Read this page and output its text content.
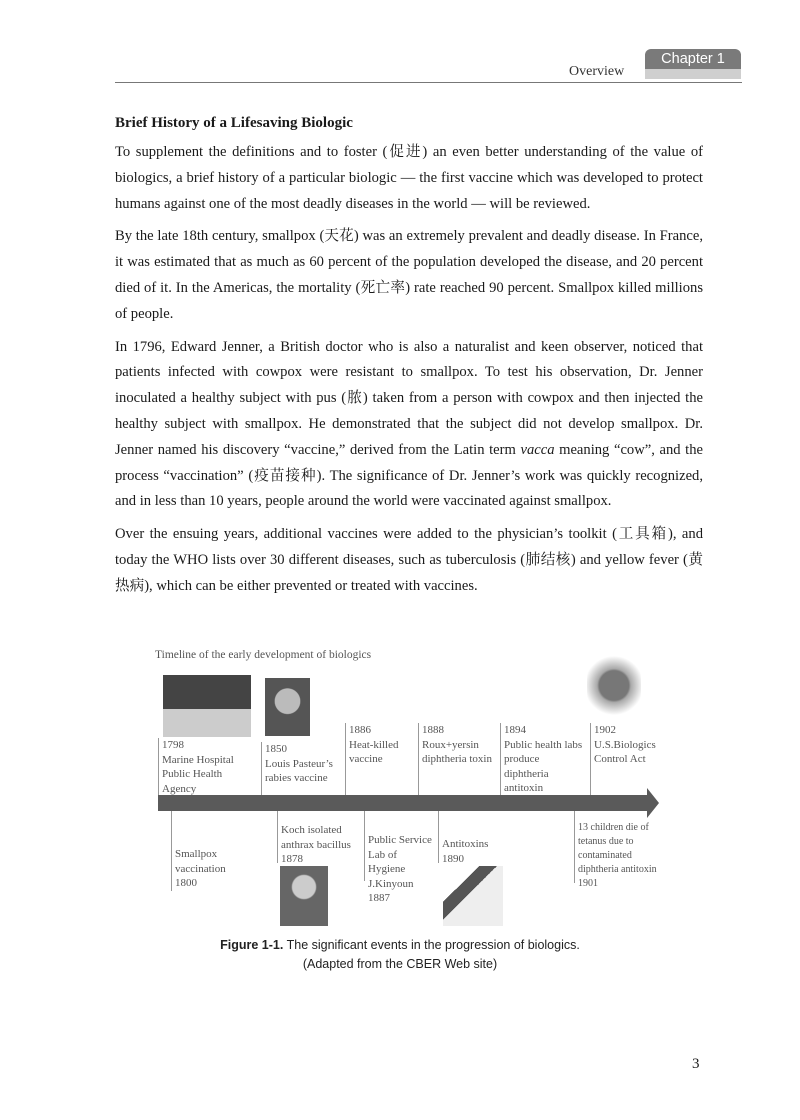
Overview
Chapter 1
Brief History of a Lifesaving Biologic

To supplement the definitions and to foster (促进) an even better understanding of the value of biologics, a brief history of a particular biologic — the first vaccine which was developed to protect humans against one of the most deadly diseases in the world — will be reviewed.

By the late 18th century, smallpox (天花) was an extremely prevalent and deadly disease. In France, it was estimated that as much as 60 percent of the population developed the disease, and 20 percent died of it. In the Americas, the mortality (死亡率) rate reached 90 percent. Smallpox killed millions of people.

In 1796, Edward Jenner, a British doctor who is also a naturalist and keen observer, noticed that patients infected with cowpox were resistant to smallpox. To test his observation, Dr. Jenner inoculated a healthy subject with pus (脓) taken from a person with cowpox and then injected the healthy subject with smallpox. He demonstrated that the subject did not develop smallpox. Dr. Jenner named his discovery “vaccine,” derived from the Latin term vacca meaning “cow”, and the process “vaccination” (疫苗接种). The significance of Dr. Jenner’s work was quickly recognized, and in less than 10 years, people around the world were vaccinated against smallpox.

Over the ensuing years, additional vaccines were added to the physician’s toolkit (工具箱), and today the WHO lists over 30 different diseases, such as tuberculosis (肺结核) and yellow fever (黄热病), which can be either prevented or treated with vaccines.

Timeline of the early development of biologics
1798
Marine Hospital Public Health Agency
1850
Louis Pasteur’s rabies vaccine
1886
Heat-killed vaccine
1888
Roux+yersin diphtheria toxin
1894
Public health labs produce diphtheria antitoxin
1902
U.S.Biologics Control Act
Smallpox vaccination
1800
Koch isolated anthrax bacillus
1878
Public Service Lab of Hygiene J.Kinyoun
1887
Antitoxins
1890
13 children die of tetanus due to contaminated diphtheria antitoxin
1901
Figure 1-1. The significant events in the progression of biologics.
(Adapted from the CBER Web site)
3
